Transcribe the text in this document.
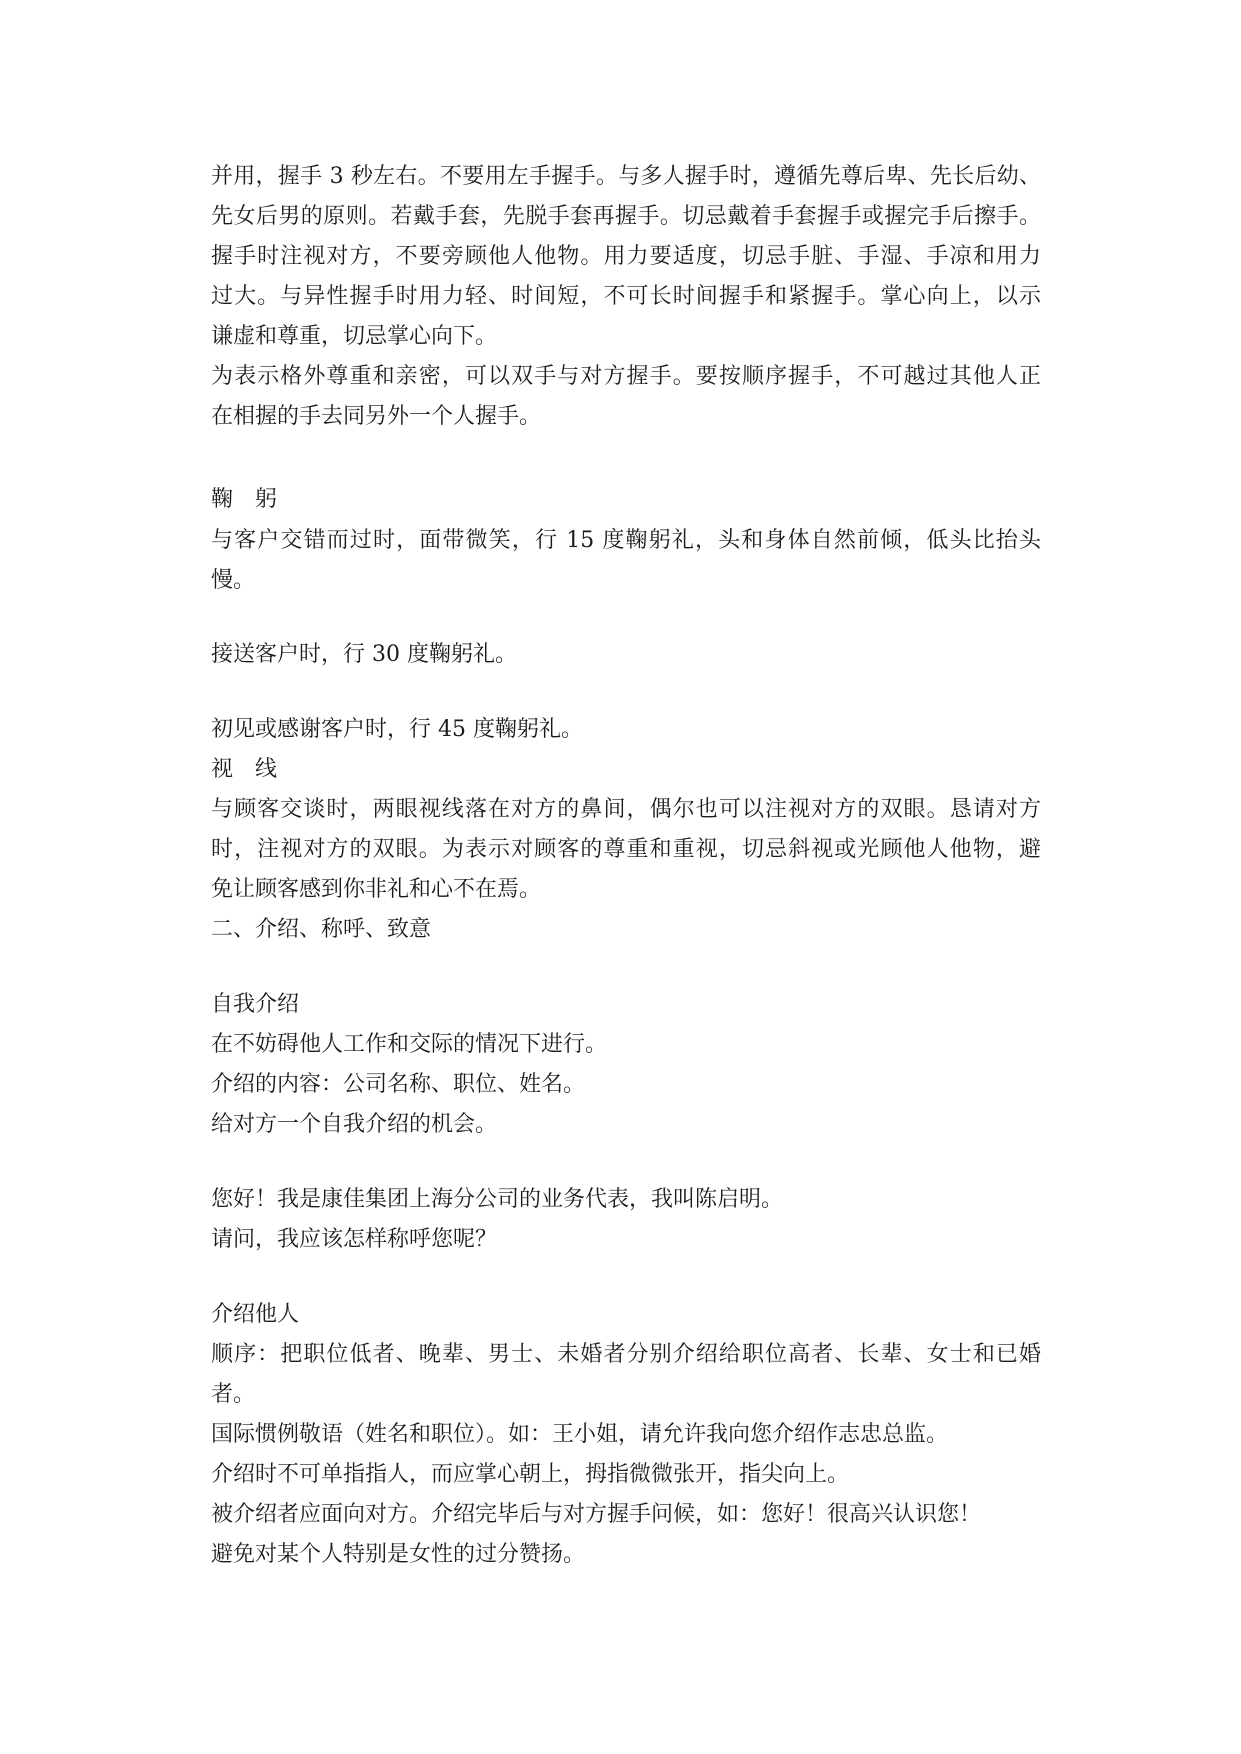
并用，握手 3 秒左右。不要用左手握手。与多人握手时，遵循先尊后卑、先长后幼、

先女后男的原则。若戴手套，先脱手套再握手。切忌戴着手套握手或握完手后擦手。

握手时注视对方，不要旁顾他人他物。用力要适度，切忌手脏、手湿、手凉和用力

过大。与异性握手时用力轻、时间短，不可长时间握手和紧握手。掌心向上，以示

谦虚和尊重，切忌掌心向下。

为表示格外尊重和亲密，可以双手与对方握手。要按顺序握手，不可越过其他人正

在相握的手去同另外一个人握手。

鞠　躬

与客户交错而过时，面带微笑，行 15 度鞠躬礼，头和身体自然前倾，低头比抬头

慢。

接送客户时，行 30 度鞠躬礼。

初见或感谢客户时，行 45 度鞠躬礼。

视　线

与顾客交谈时，两眼视线落在对方的鼻间，偶尔也可以注视对方的双眼。恳请对方

时，注视对方的双眼。为表示对顾客的尊重和重视，切忌斜视或光顾他人他物，避

免让顾客感到你非礼和心不在焉。

二、介绍、称呼、致意

自我介绍

在不妨碍他人工作和交际的情况下进行。

介绍的内容：公司名称、职位、姓名。

给对方一个自我介绍的机会。

您好！我是康佳集团上海分公司的业务代表，我叫陈启明。

请问，我应该怎样称呼您呢？

介绍他人

顺序：把职位低者、晚辈、男士、未婚者分别介绍给职位高者、长辈、女士和已婚

者。

国际惯例敬语（姓名和职位）。如：王小姐，请允许我向您介绍作志忠总监。

介绍时不可单指指人，而应掌心朝上，拇指微微张开，指尖向上。

被介绍者应面向对方。介绍完毕后与对方握手问候，如：您好！很高兴认识您！

避免对某个人特别是女性的过分赞扬。
